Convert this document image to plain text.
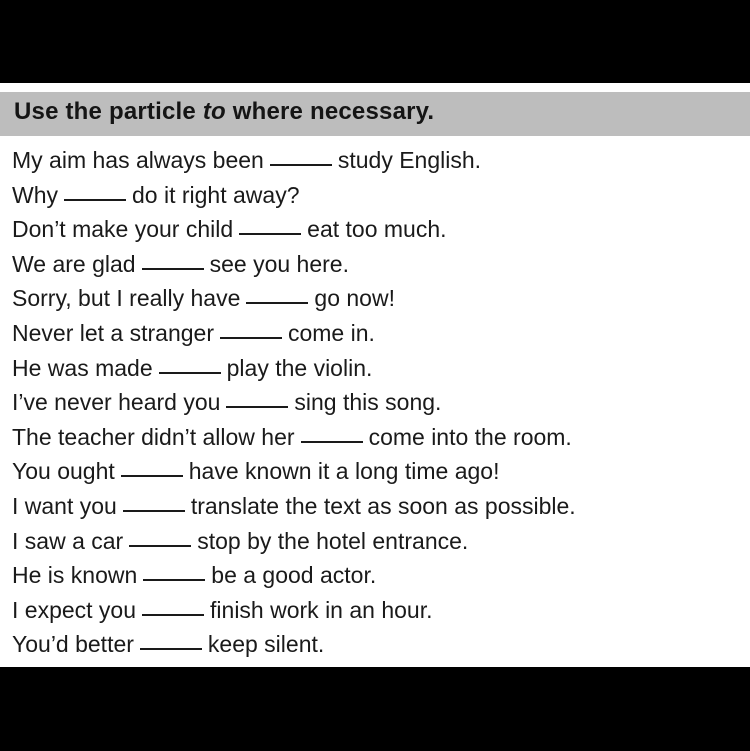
Use the particle to where necessary.
My aim has always been	study English.
Why	do it right away?
Don’t make your child	eat too much.
We are glad	see you here.
Sorry, but I really have	go now!
Never let a stranger	come in.
He was made	play the violin.
I’ve never heard you	sing this song.
The teacher didn’t allow her	come into the room.
You ought	have known it a long time ago!
I want you	translate the text as soon as possible.
I saw a car	stop by the hotel entrance.
He is known	be a good actor.
I expect you	finish work in an hour.
You’d better	keep silent.
